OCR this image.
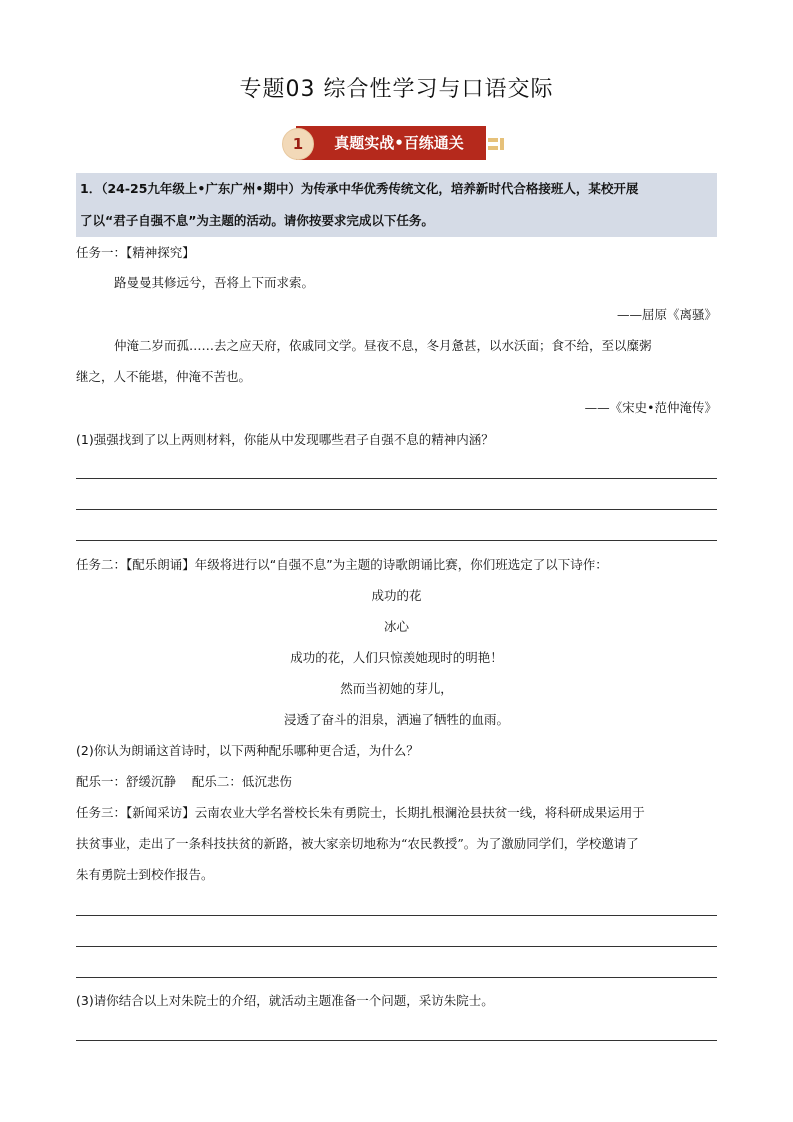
专题03 综合性学习与口语交际
1	真题实战•百练通关
1．（24-25九年级上•广东广州•期中）为传承中华优秀传统文化，培养新时代合格接班人，某校开展
了以“君子自强不息”为主题的活动。请你按要求完成以下任务。
任务一：【精神探究】
路曼曼其修远兮，吾将上下而求索。
——屈原《离骚》
仲淹二岁而孤……去之应天府，依戚同文学。昼夜不息，冬月惫甚，以水沃面；食不给，至以糜粥
继之，人不能堪，仲淹不苦也。
——《宋史•范仲淹传》
(1)强强找到了以上两则材料，你能从中发现哪些君子自强不息的精神内涵？
任务二：【配乐朗诵】年级将进行以“自强不息”为主题的诗歌朗诵比赛，你们班选定了以下诗作：
成功的花
冰心
成功的花，人们只惊羡她现时的明艳！
然而当初她的芽儿，
浸透了奋斗的泪泉，洒遍了牺牲的血雨。
(2)你认为朗诵这首诗时，以下两种配乐哪种更合适，为什么？
配乐一：舒缓沉静    配乐二：低沉悲伤
任务三：【新闻采访】云南农业大学名誉校长朱有勇院士，长期扎根澜沧县扶贫一线，将科研成果运用于
扶贫事业，走出了一条科技扶贫的新路，被大家亲切地称为“农民教授”。为了激励同学们，学校邀请了
朱有勇院士到校作报告。
(3)请你结合以上对朱院士的介绍，就活动主题准备一个问题，采访朱院士。
